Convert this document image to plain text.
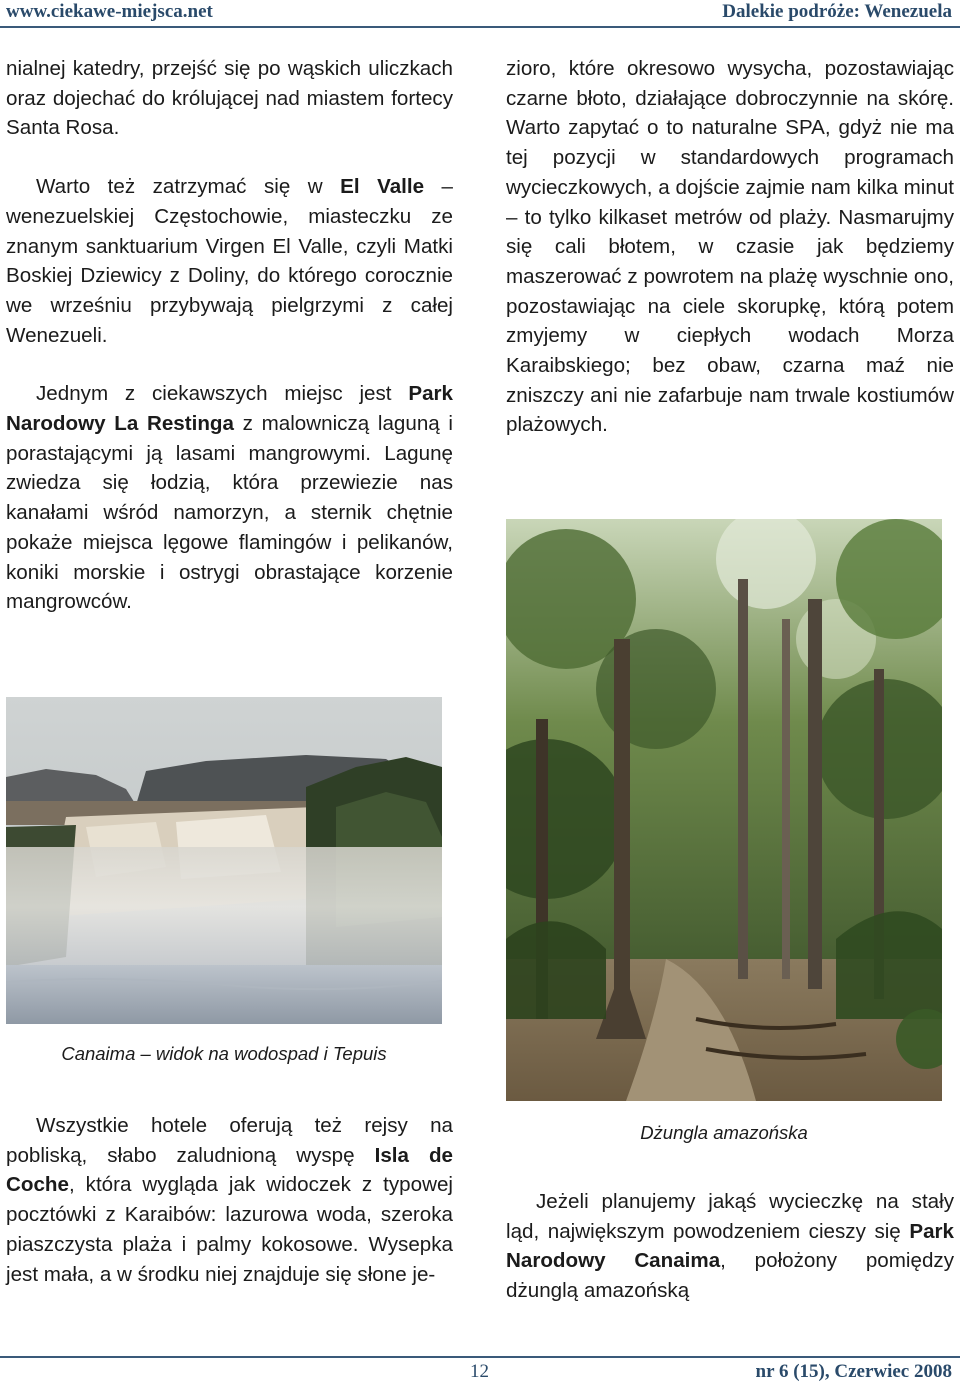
www.ciekawe-miejsca.net	Dalekie podróże: Wenezuela

nialnej katedry, przejść się po wąskich uliczkach oraz dojechać do królującej nad miastem fortecy Santa Rosa.

Warto też zatrzymać się w El Valle – wenezuelskiej Częstochowie, miasteczku ze znanym sanktuarium Virgen El Valle, czyli Matki Boskiej Dziewicy z Doliny, do którego corocznie we wrześniu przybywają pielgrzymi z całej Wenezueli.

Jednym z ciekawszych miejsc jest Park Narodowy La Restinga z malowniczą laguną i porastającymi ją lasami mangrowymi. Lagunę zwiedza się łodzią, która przewiezie nas kanałami wśród namorzyn, a sternik chętnie pokaże miejsca lęgowe flamingów i pelikanów, koniki morskie i ostrygi obrastające korzenie mangrowców.

Canaima – widok na wodospad i Tepuis

Wszystkie hotele oferują też rejsy na pobliską, słabo zaludnioną wyspę Isla de Coche, która wygląda jak widoczek z typowej pocztówki z Karaibów: lazurowa woda, szeroka piaszczysta plaża i palmy kokosowe. Wysepka jest mała, a w środku niej znajduje się słone je-

zioro, które okresowo wysycha, pozostawiając czarne błoto, działające dobroczynnie na skórę. Warto zapytać o to naturalne SPA, gdyż nie ma tej pozycji w standardowych programach wycieczkowych, a dojście zajmie nam kilka minut – to tylko kilkaset metrów od plaży. Nasmarujmy się cali błotem, w czasie jak będziemy maszerować z powrotem na plażę wyschnie ono, pozostawiając na ciele skorupkę, którą potem zmyjemy w ciepłych wodach Morza Karaibskiego; bez obaw, czarna maź nie zniszczy ani nie zafarbuje nam trwale kostiumów plażowych.

Dżungla amazońska

Jeżeli planujemy jakąś wycieczkę na stały ląd, największym powodzeniem cieszy się Park Narodowy Canaima, położony pomiędzy dżunglą amazońską

12	nr 6 (15), Czerwiec 2008
